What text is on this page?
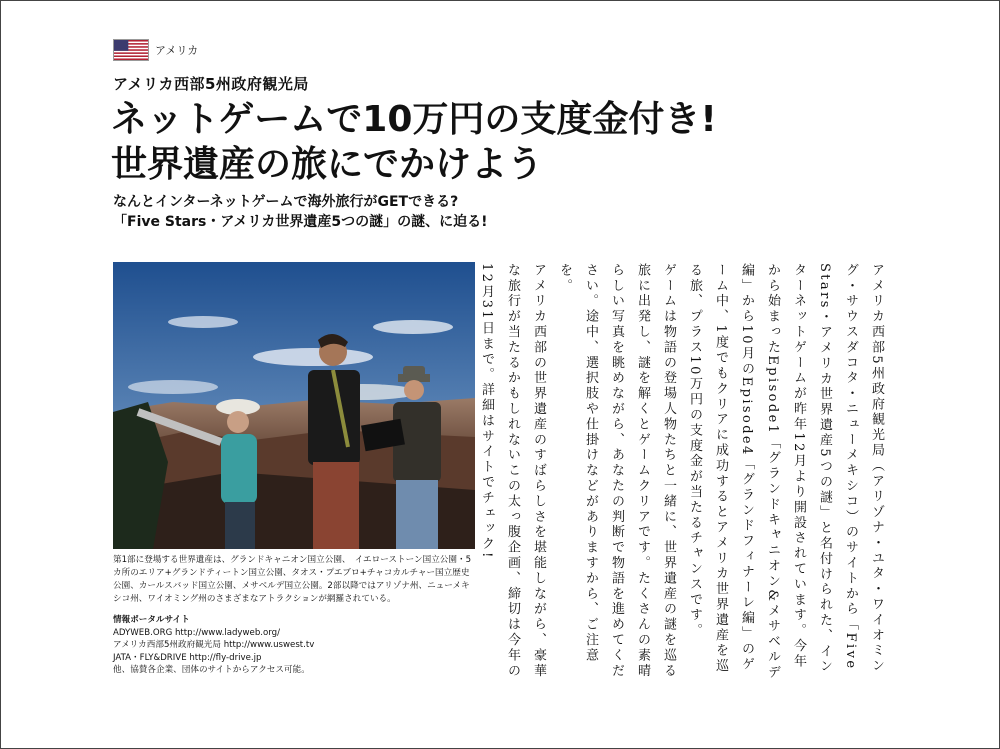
アメリカ
アメリカ西部5州政府観光局
ネットゲームで10万円の支度金付き!
世界遺産の旅にでかけよう
なんとインターネットゲームで海外旅行がGETできる?
「Five Stars・アメリカ世界遺産5つの謎」の謎、に迫る!
第1部に登場する世界遺産は、グランドキャニオン国立公園、　イエローストーン国立公園・5カ所のエリア+グランドティートン国立公園、タオス・プエブロ+チャコカルチャー国立歴史公園、カールスバッド国立公園、メサベルデ国立公園。2部以降ではアリゾナ州、ニューメキシコ州、ワイオミング州のさまざまなアトラクションが網羅されている。
情報ポータルサイト
ADYWEB.ORG http://www.ladyweb.org/
アメリカ西部5州政府観光局 http://www.uswest.tv
JATA・FLY&DRIVE http://fly-drive.jp
他、協賛各企業、団体のサイトからアクセス可能。	アメリカ西部5州政府観光局（アリゾナ・ユタ・ワイオミング・サウスダコタ・ニューメキシコ）のサイトから「Five Stars・アメリカ世界遺産5つの謎」と名付けられた、インターネットゲームが昨年12月より開設されています。今年から始まったEpisode1「グランドキャニオン&メサベルデ編」から10月のEpisode4「グランドフィナーレ編」のゲーム中、1度でもクリアに成功するとアメリカ世界遺産を巡る旅、プラス10万円の支度金が当たるチャンスです。

ゲームは物語の登場人物たちと一緒に、世界遺産の謎を巡る旅に出発し、謎を解くとゲームクリアです。たくさんの素晴らしい写真を眺めながら、あなたの判断で物語を進めてください。途中、選択肢や仕掛けなどがありますから、ご注意を。

アメリカ西部の世界遺産のすばらしさを堪能しながら、豪華な旅行が当たるかもしれないこの太っ腹企画、締切は今年の12月31日まで。詳細はサイトでチェック!
